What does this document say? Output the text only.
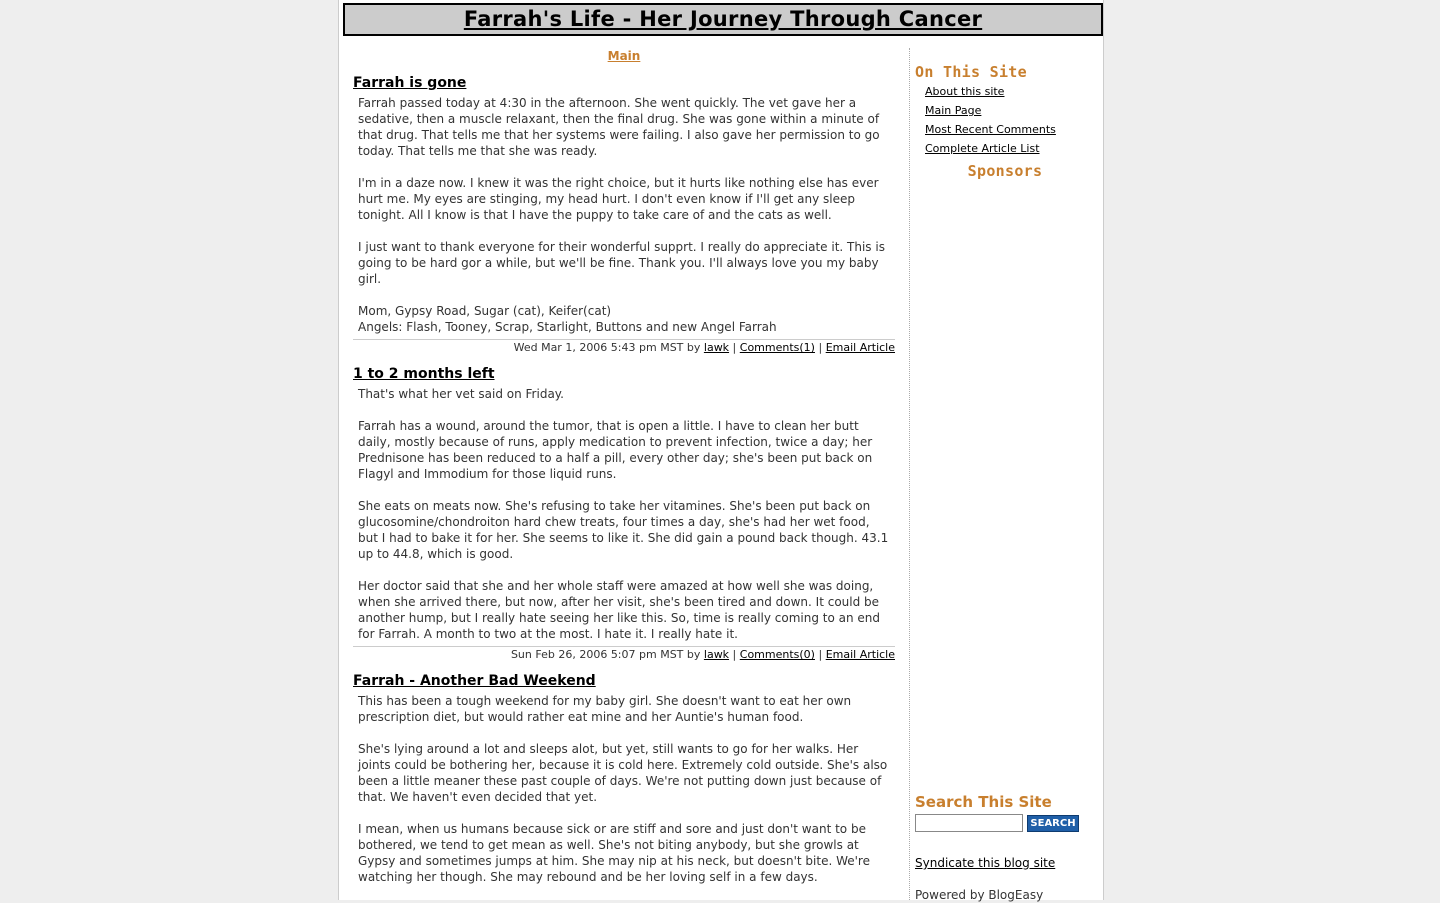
Farrah's Life - Her Journey Through Cancer
Main
Farrah is gone

Farrah passed today at 4:30 in the afternoon. She went quickly. The vet gave her a sedative, then a muscle relaxant, then the final drug. She was gone within a minute of that drug. That tells me that her systems were failing. I also gave her permission to go today. That tells me that she was ready.

I'm in a daze now. I knew it was the right choice, but it hurts like nothing else has ever hurt me. My eyes are stinging, my head hurt. I don't even know if I'll get any sleep tonight. All I know is that I have the puppy to take care of and the cats as well.

I just want to thank everyone for their wonderful supprt. I really do appreciate it. This is going to be hard gor a while, but we'll be fine. Thank you. I'll always love you my baby girl.

Mom, Gypsy Road, Sugar (cat), Keifer(cat)
Angels: Flash, Tooney, Scrap, Starlight, Buttons and new Angel Farrah

Wed Mar 1, 2006 5:43 pm MST by lawk | Comments(1) | Email Article
1 to 2 months left

That's what her vet said on Friday.

Farrah has a wound, around the tumor, that is open a little. I have to clean her butt daily, mostly because of runs, apply medication to prevent infection, twice a day; her Prednisone has been reduced to a half a pill, every other day; she's been put back on Flagyl and Immodium for those liquid runs.

She eats on meats now. She's refusing to take her vitamines. She's been put back on glucosomine/chondroiton hard chew treats, four times a day, she's had her wet food, but I had to bake it for her. She seems to like it. She did gain a pound back though. 43.1 up to 44.8, which is good.

Her doctor said that she and her whole staff were amazed at how well she was doing, when she arrived there, but now, after her visit, she's been tired and down. It could be another hump, but I really hate seeing her like this. So, time is really coming to an end for Farrah. A month to two at the most. I hate it. I really hate it.

Sun Feb 26, 2006 5:07 pm MST by lawk | Comments(0) | Email Article
Farrah - Another Bad Weekend

This has been a tough weekend for my baby girl. She doesn't want to eat her own prescription diet, but would rather eat mine and her Auntie's human food.

She's lying around a lot and sleeps alot, but yet, still wants to go for her walks. Her joints could be bothering her, because it is cold here. Extremely cold outside. She's also been a little meaner these past couple of days. We're not putting down just because of that. We haven't even decided that yet.

I mean, when us humans because sick or are stiff and sore and just don't want to be bothered, we tend to get mean as well. She's not biting anybody, but she growls at Gypsy and sometimes jumps at him. She may nip at his neck, but doesn't bite. We're watching her though. She may rebound and be her loving self in a few days.

On This Site
About this site
Main Page
Most Recent Comments
Complete Article List
Sponsors
Search This Site
SEARCH
Syndicate this blog site
Powered by BlogEasy
